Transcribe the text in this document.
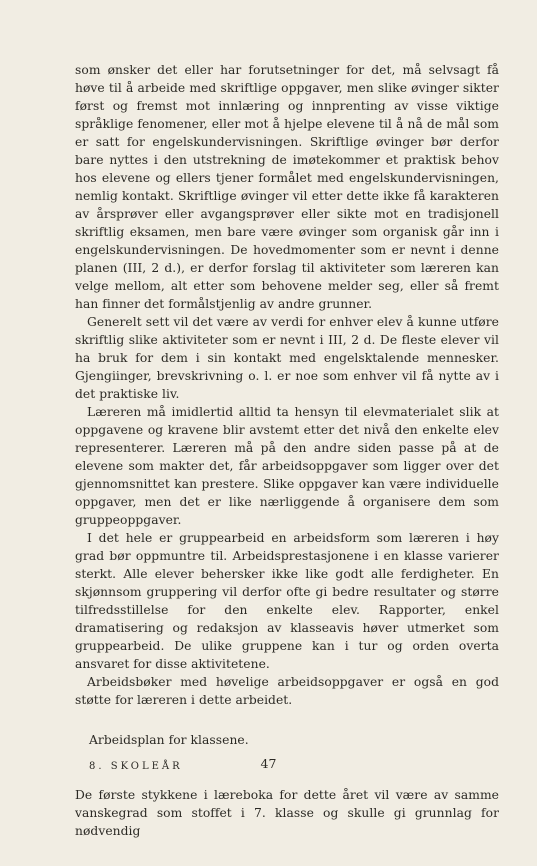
som ønsker det eller har forutsetninger for det, må selvsagt få høve til å arbeide med skriftlige oppgaver, men slike øvinger sikter først og fremst mot innlæring og innprenting av visse viktige språklige fenomener, eller mot å hjelpe elevene til å nå de mål som er satt for engelskundervisningen. Skriftlige øvinger bør derfor bare nyttes i den utstrekning de imøtekommer et praktisk behov hos elevene og ellers tjener formålet med engelskundervisningen, nemlig kontakt. Skriftlige øvinger vil etter dette ikke få karakteren av årsprøver eller avgangsprøver eller sikte mot en tradisjonell skriftlig eksamen, men bare være øvinger som organisk går inn i engelskundervisningen. De hovedmomenter som er nevnt i denne planen (III, 2 d.), er derfor forslag til aktiviteter som læreren kan velge mellom, alt etter som behovene melder seg, eller så fremt han finner det formålstjenlig av andre grunner.

Generelt sett vil det være av verdi for enhver elev å kunne utføre skriftlig slike aktiviteter som er nevnt i III, 2 d. De fleste elever vil ha bruk for dem i sin kontakt med engelsktalende mennesker. Gjengiinger, brevskrivning o. l. er noe som enhver vil få nytte av i det praktiske liv.

Læreren må imidlertid alltid ta hensyn til elevmaterialet slik at oppgavene og kravene blir avstemt etter det nivå den enkelte elev representerer. Læreren må på den andre siden passe på at de elevene som makter det, får arbeidsoppgaver som ligger over det gjennomsnittet kan prestere. Slike oppgaver kan være individuelle oppgaver, men det er like nærliggende å organisere dem som gruppeoppgaver.

I det hele er gruppearbeid en arbeidsform som læreren i høy grad bør oppmuntre til. Arbeidsprestasjonene i en klasse varierer sterkt. Alle elever behersker ikke like godt alle ferdigheter. En skjønnsom gruppering vil derfor ofte gi bedre resultater og større tilfredsstillelse for den enkelte elev. Rapporter, enkel dramatisering og redaksjon av klasseavis høver utmerket som gruppearbeid. De ulike gruppene kan i tur og orden overta ansvaret for disse aktivitetene.

Arbeidsbøker med høvelige arbeidsoppgaver er også en god støtte for læreren i dette arbeidet.

Arbeidsplan for klassene.
8. SKOLEÅR

De første stykkene i læreboka for dette året vil være av samme vanskegrad som stoffet i 7. klasse og skulle gi grunnlag for nødvendig

47
